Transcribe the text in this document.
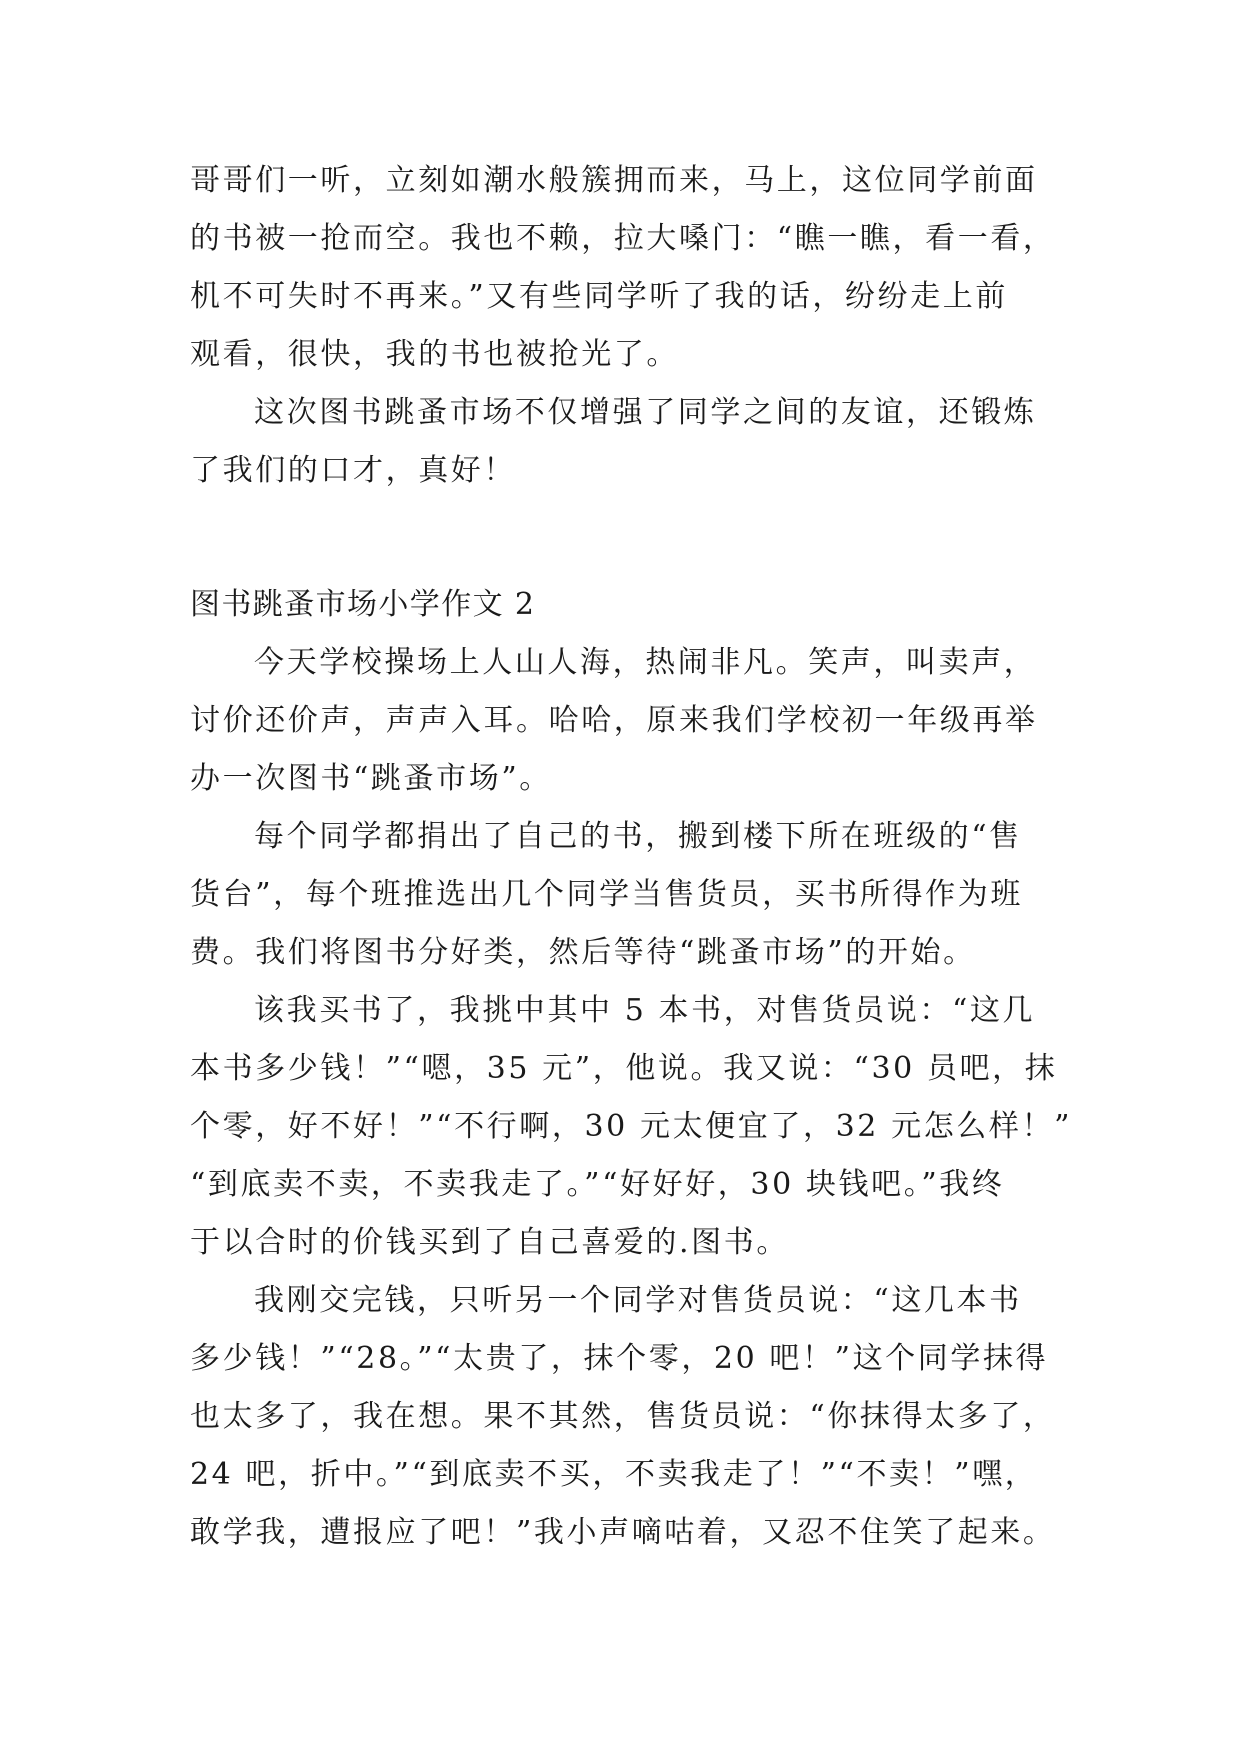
哥哥们一听，立刻如潮水般簇拥而来，马上，这位同学前面
的书被一抢而空。我也不赖，拉大嗓门：“瞧一瞧，看一看，
机不可失时不再来。”又有些同学听了我的话，纷纷走上前
观看，很快，我的书也被抢光了。
这次图书跳蚤市场不仅增强了同学之间的友谊，还锻炼
了我们的口才，真好！
图书跳蚤市场小学作文 2
今天学校操场上人山人海，热闹非凡。笑声，叫卖声，
讨价还价声，声声入耳。哈哈，原来我们学校初一年级再举
办一次图书“跳蚤市场”。
每个同学都捐出了自己的书，搬到楼下所在班级的“售
货台”，每个班推选出几个同学当售货员，买书所得作为班
费。我们将图书分好类，然后等待“跳蚤市场”的开始。
该我买书了，我挑中其中 5 本书，对售货员说：“这几
本书多少钱！”“嗯，35 元”，他说。我又说：“30 员吧，抹
个零，好不好！”“不行啊，30 元太便宜了，32 元怎么样！”
“到底卖不卖，不卖我走了。”“好好好，30 块钱吧。”我终
于以合时的价钱买到了自己喜爱的.图书。
我刚交完钱，只听另一个同学对售货员说：“这几本书
多少钱！”“28。”“太贵了，抹个零，20 吧！”这个同学抹得
也太多了，我在想。果不其然，售货员说：“你抹得太多了，
24 吧，折中。”“到底卖不买，不卖我走了！”“不卖！”嘿，
敢学我，遭报应了吧！”我小声嘀咕着，又忍不住笑了起来。
